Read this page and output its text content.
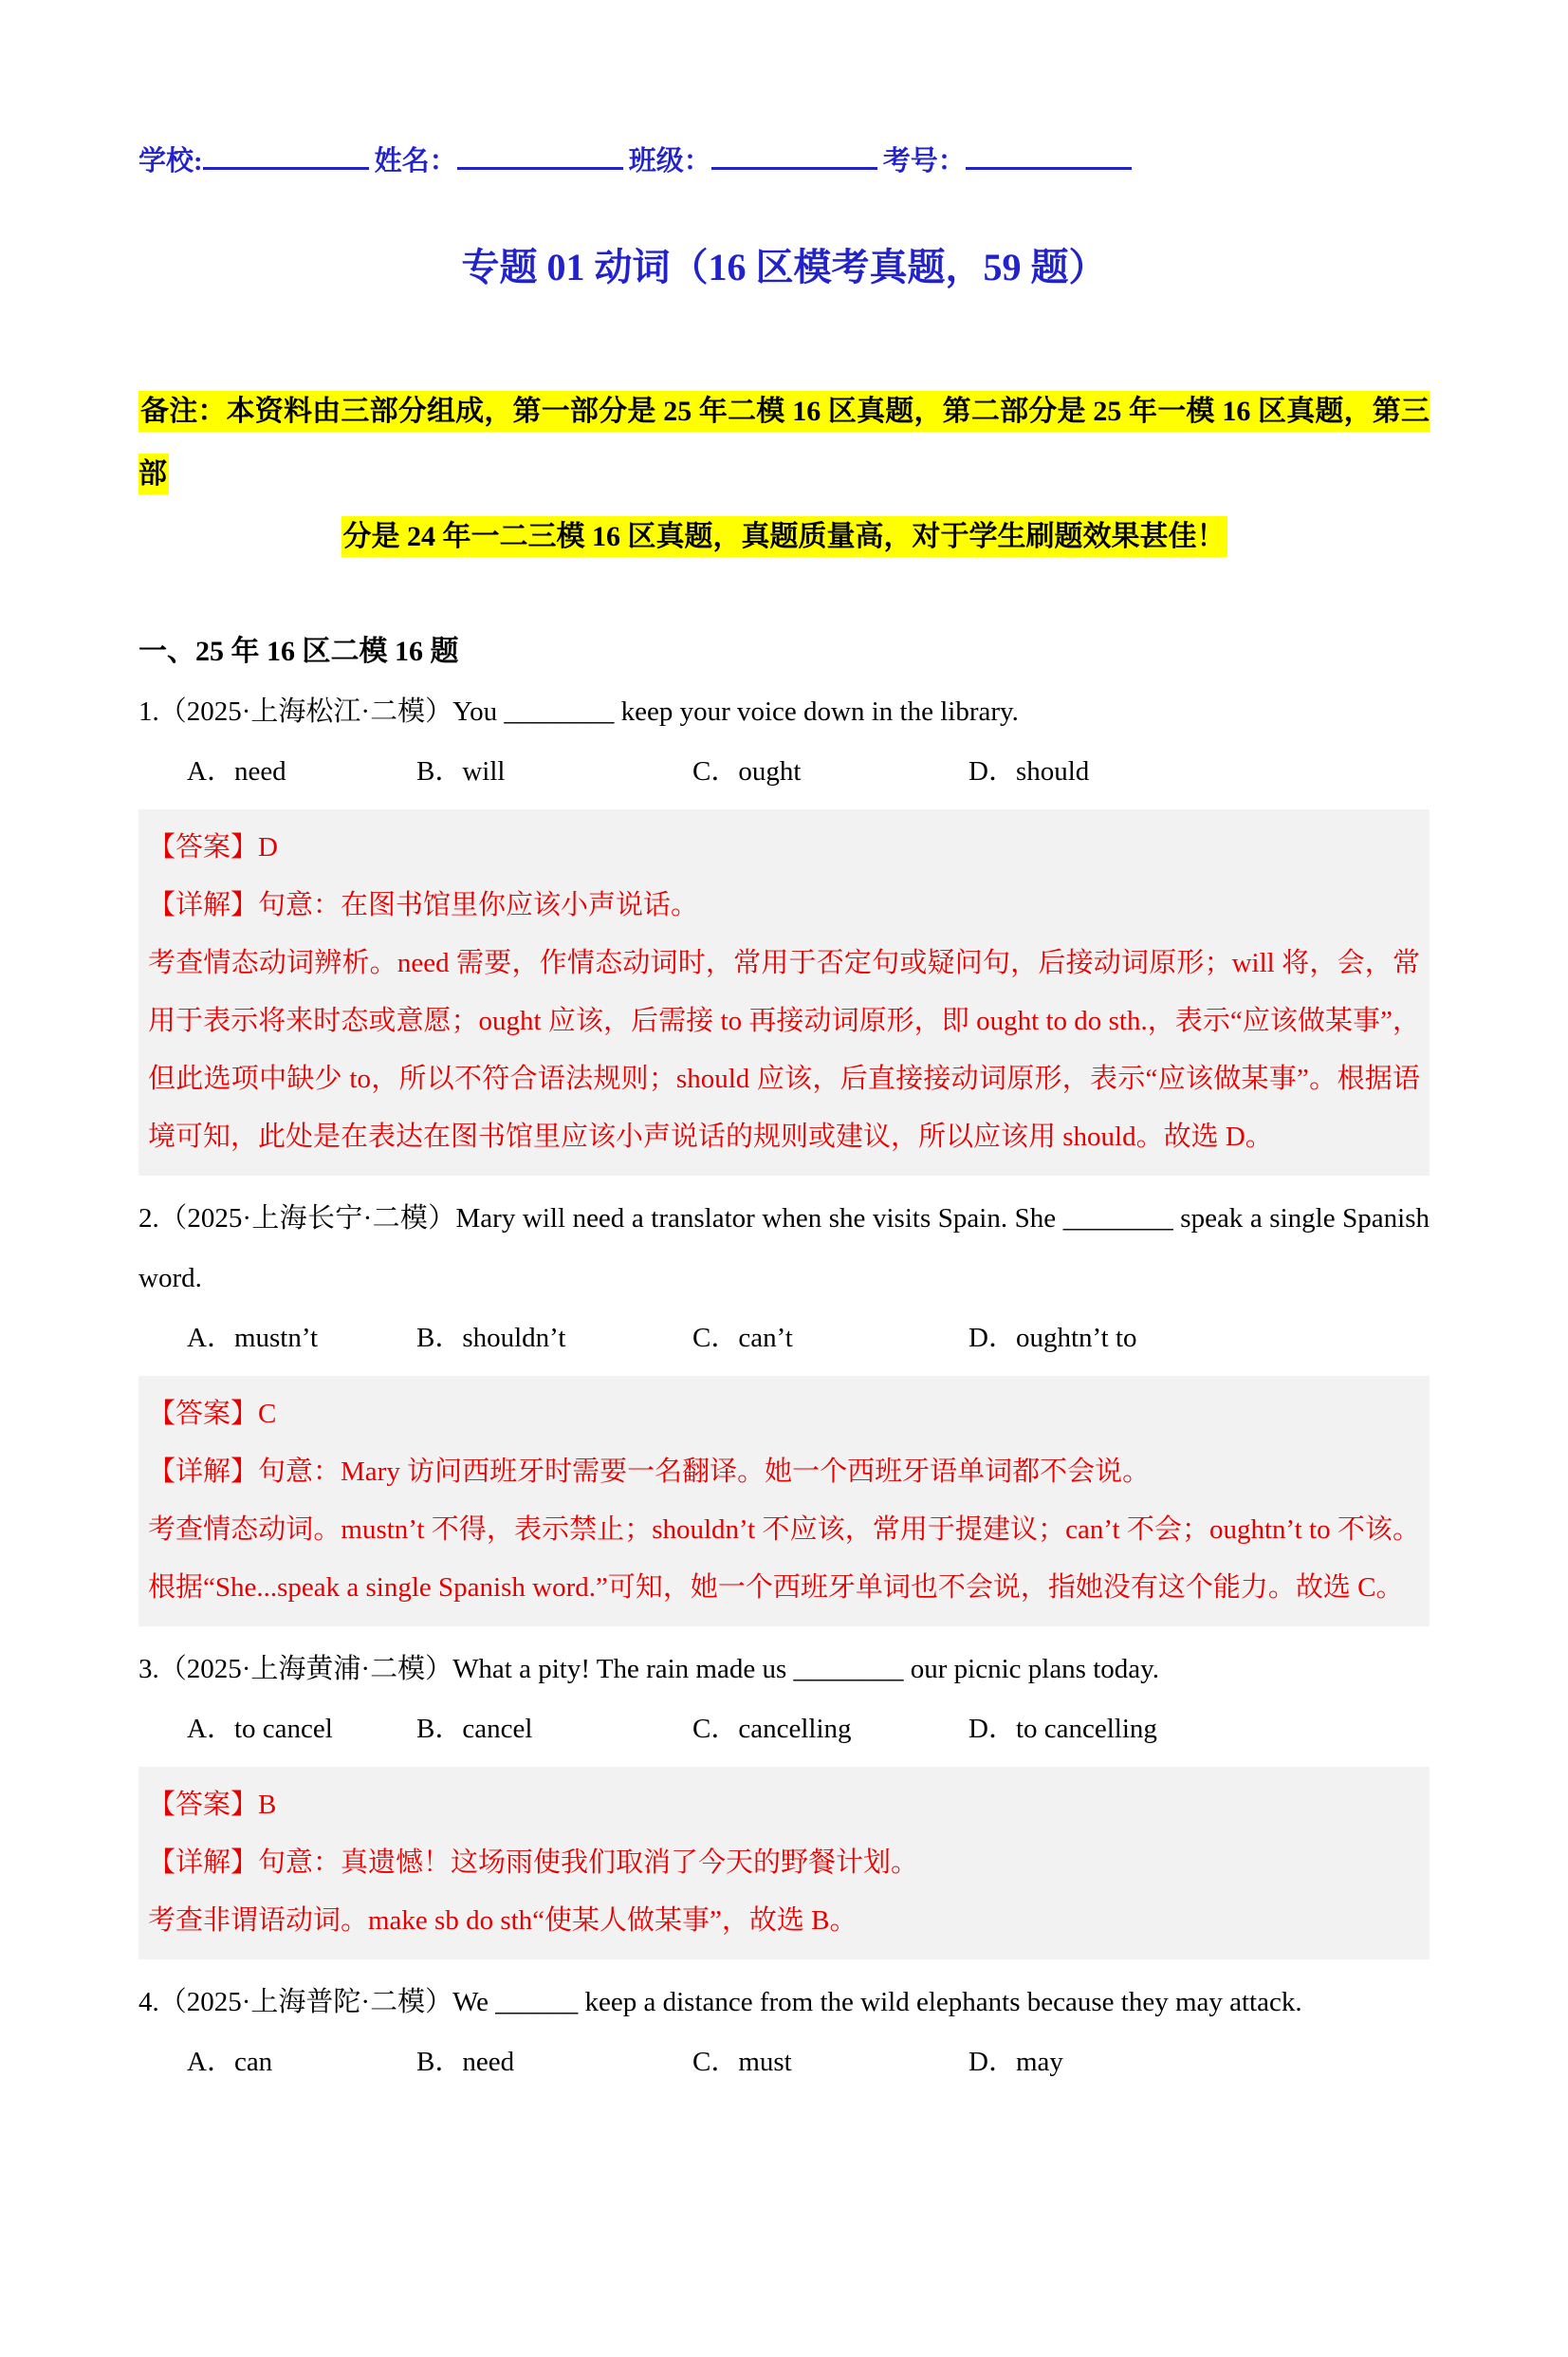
学校:	姓名：	班级：	考号：
专题 01 动词（16 区模考真题，59 题）
备注：本资料由三部分组成，第一部分是 25 年二模 16 区真题，第二部分是 25 年一模 16 区真题，第三部
分是 24 年一二三模 16 区真题，真题质量高，对于学生刷题效果甚佳！
一、25 年 16 区二模 16 题

1.（2025·上海松江·二模）You ________ keep your voice down in the library.

A．need	B．will	C．ought	D．should

【答案】D

【详解】句意：在图书馆里你应该小声说话。

考查情态动词辨析。need 需要，作情态动词时，常用于否定句或疑问句，后接动词原形；will 将，会，常用于表示将来时态或意愿；ought 应该，后需接 to 再接动词原形，即 ought to do sth.，表示“应该做某事”，但此选项中缺少 to，所以不符合语法规则；should 应该，后直接接动词原形，表示“应该做某事”。根据语境可知，此处是在表达在图书馆里应该小声说话的规则或建议，所以应该用 should。故选 D。

2.（2025·上海长宁·二模）Mary will need a translator when she visits Spain. She ________ speak a single Spanish word.

A．mustn’t	B．shouldn’t	C．can’t	D．oughtn’t to

【答案】C

【详解】句意：Mary 访问西班牙时需要一名翻译。她一个西班牙语单词都不会说。

考查情态动词。mustn’t 不得，表示禁止；shouldn’t 不应该，常用于提建议；can’t 不会；oughtn’t to 不该。根据“She...speak a single Spanish word.”可知，她一个西班牙单词也不会说，指她没有这个能力。故选 C。

3.（2025·上海黄浦·二模）What a pity! The rain made us ________ our picnic plans today.

A．to cancel	B．cancel	C．cancelling	D．to cancelling

【答案】B

【详解】句意：真遗憾！这场雨使我们取消了今天的野餐计划。

考查非谓语动词。make sb do sth“使某人做某事”，故选 B。

4.（2025·上海普陀·二模）We ______ keep a distance from the wild elephants because they may attack.

A．can	B．need	C．must	D．may
